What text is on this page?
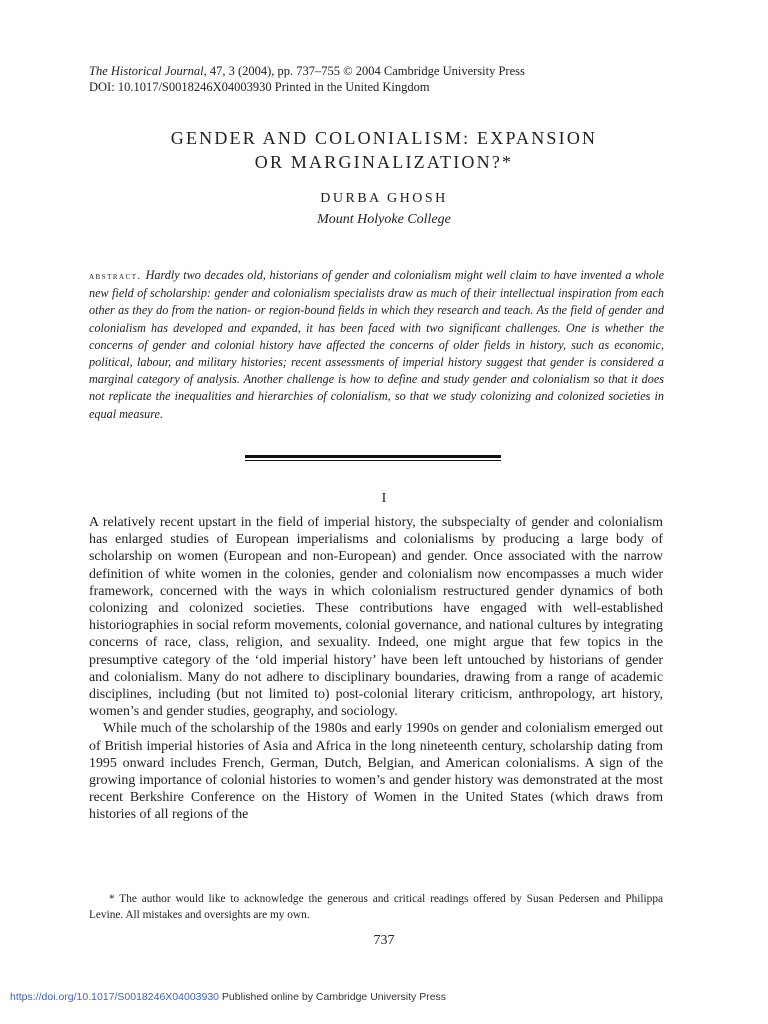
The Historical Journal, 47, 3 (2004), pp. 737–755 © 2004 Cambridge University Press
DOI: 10.1017/S0018246X04003930 Printed in the United Kingdom
GENDER AND COLONIALISM: EXPANSION
OR MARGINALIZATION?*
DURBA GHOSH
Mount Holyoke College
abstract. Hardly two decades old, historians of gender and colonialism might well claim to have invented a whole new field of scholarship: gender and colonialism specialists draw as much of their intellectual inspiration from each other as they do from the nation- or region-bound fields in which they research and teach. As the field of gender and colonialism has developed and expanded, it has been faced with two significant challenges. One is whether the concerns of gender and colonial history have affected the concerns of older fields in history, such as economic, political, labour, and military histories; recent assessments of imperial history suggest that gender is considered a marginal category of analysis. Another challenge is how to define and study gender and colonialism so that it does not replicate the inequalities and hierarchies of colonialism, so that we study colonizing and colonized societies in equal measure.
I

A relatively recent upstart in the field of imperial history, the subspecialty of gender and colonialism has enlarged studies of European imperialisms and colonialisms by producing a large body of scholarship on women (European and non-European) and gender. Once associated with the narrow definition of white women in the colonies, gender and colonialism now encompasses a much wider framework, concerned with the ways in which colonialism restructured gender dynamics of both colonizing and colonized societies. These contributions have engaged with well-established historiographies in social reform movements, colonial governance, and national cultures by integrating concerns of race, class, religion, and sexuality. Indeed, one might argue that few topics in the presumptive category of the ‘old imperial history’ have been left untouched by historians of gender and colonialism. Many do not adhere to disciplinary boundaries, drawing from a range of academic disciplines, including (but not limited to) post-colonial literary criticism, anthropology, art history, women’s and gender studies, geography, and sociology.

While much of the scholarship of the 1980s and early 1990s on gender and colonialism emerged out of British imperial histories of Asia and Africa in the long nineteenth century, scholarship dating from 1995 onward includes French, German, Dutch, Belgian, and American colonialisms. A sign of the growing importance of colonial histories to women’s and gender history was demonstrated at the most recent Berkshire Conference on the History of Women in the United States (which draws from histories of all regions of the

* The author would like to acknowledge the generous and critical readings offered by Susan Pedersen and Philippa Levine. All mistakes and oversights are my own.
737
https://doi.org/10.1017/S0018246X04003930 Published online by Cambridge University Press
